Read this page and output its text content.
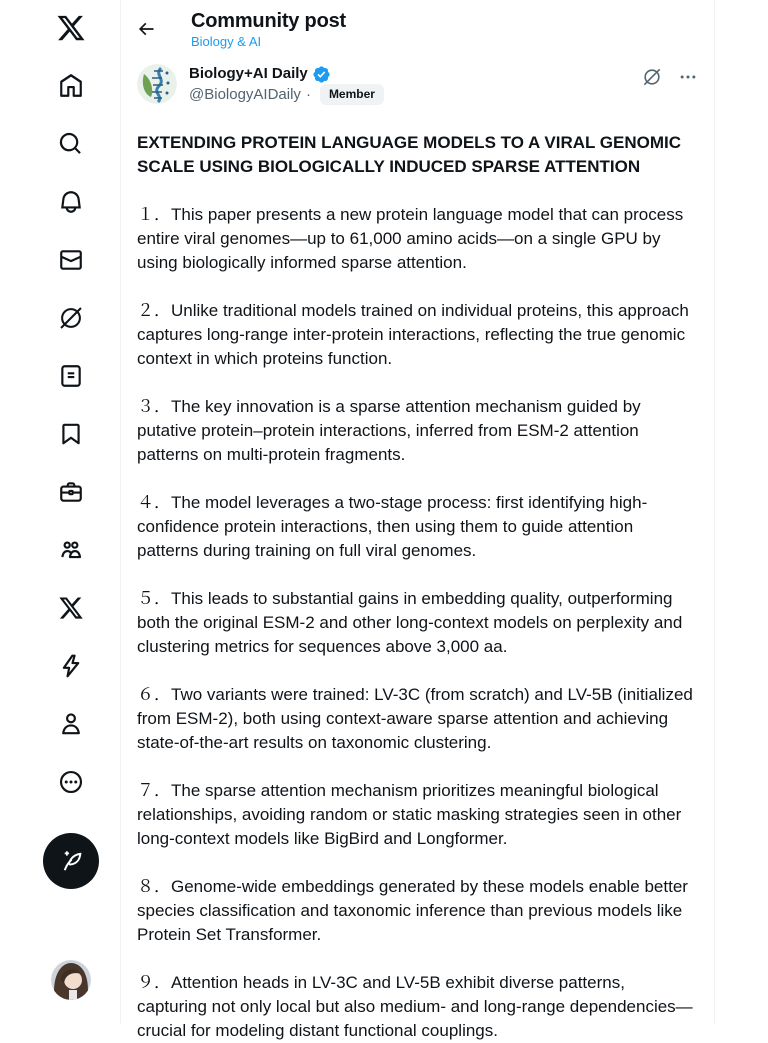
Community post
Biology & AI
Biology+AI Daily
@BiologyAIDaily ·	Member
EXTENDING PROTEIN LANGUAGE MODELS TO A VIRAL GENOMIC SCALE USING BIOLOGICALLY INDUCED SPARSE ATTENTION

１．This paper presents a new protein language model that can process entire viral genomes—up to 61,000 amino acids—on a single GPU by using biologically informed sparse attention.

２．Unlike traditional models trained on individual proteins, this approach captures long-range inter-protein interactions, reflecting the true genomic context in which proteins function.

３．The key innovation is a sparse attention mechanism guided by putative protein–protein interactions, inferred from ESM-2 attention patterns on multi-protein fragments.

４．The model leverages a two-stage process: first identifying high-confidence protein interactions, then using them to guide attention patterns during training on full viral genomes.

５．This leads to substantial gains in embedding quality, outperforming both the original ESM-2 and other long-context models on perplexity and clustering metrics for sequences above 3,000 aa.

６．Two variants were trained: LV-3C (from scratch) and LV-5B (initialized from ESM-2), both using context-aware sparse attention and achieving state-of-the-art results on taxonomic clustering.

７．The sparse attention mechanism prioritizes meaningful biological relationships, avoiding random or static masking strategies seen in other long-context models like BigBird and Longformer.

８．Genome-wide embeddings generated by these models enable better species classification and taxonomic inference than previous models like Protein Set Transformer.

９．Attention heads in LV-3C and LV-5B exhibit diverse patterns, capturing not only local but also medium- and long-range dependencies—crucial for modeling distant functional couplings.
